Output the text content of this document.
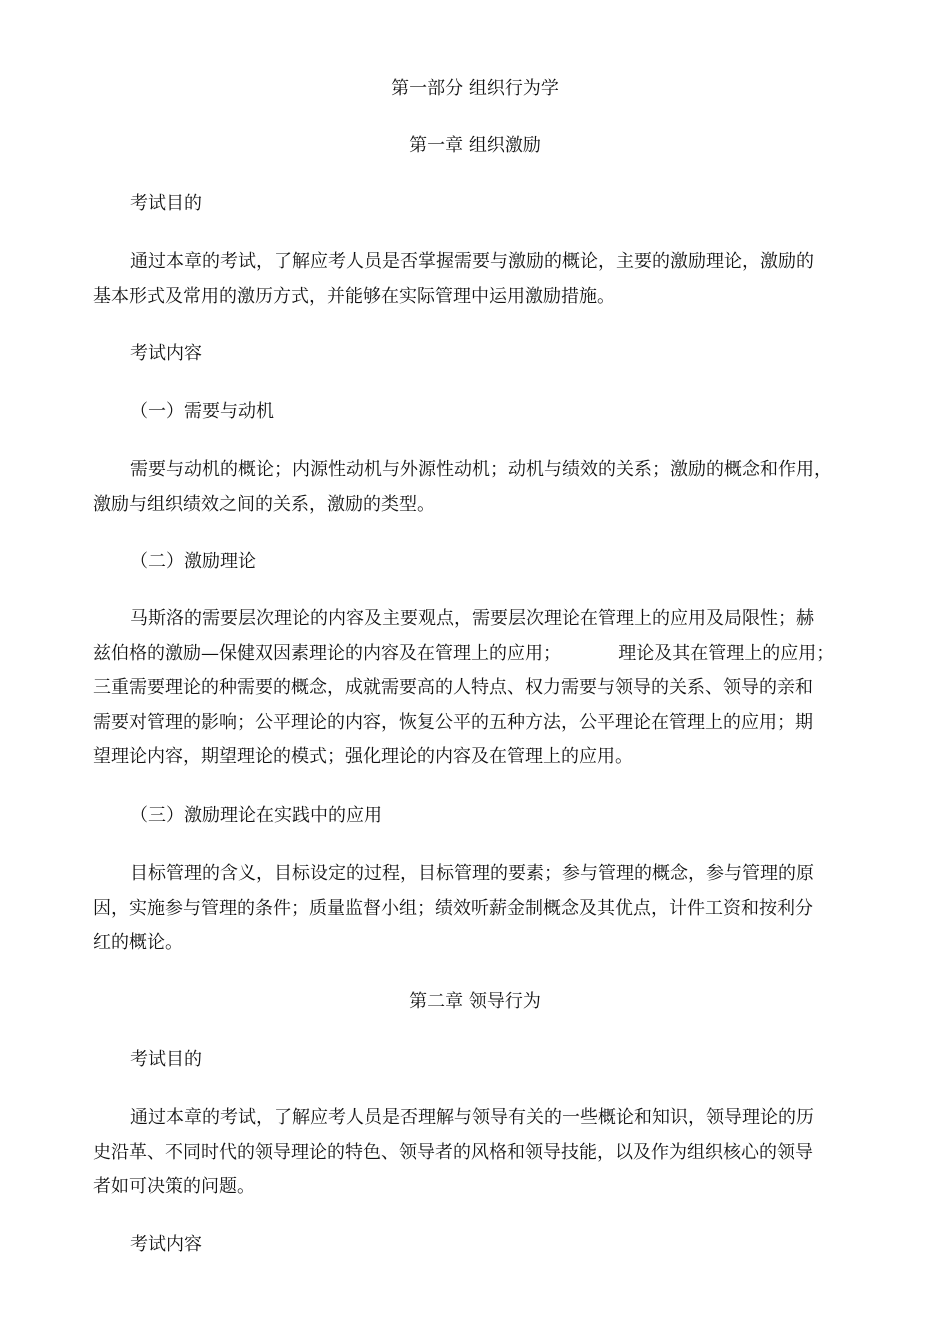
第一部分 组织行为学
第一章 组织激励
考试目的
通过本章的考试，了解应考人员是否掌握需要与激励的概论，主要的激励理论，激励的
基本形式及常用的激历方式，并能够在实际管理中运用激励措施。
考试内容
（一）需要与动机
需要与动机的概论；内源性动机与外源性动机；动机与绩效的关系；激励的概念和作用，
激励与组织绩效之间的关系，激励的类型。
（二）激励理论
马斯洛的需要层次理论的内容及主要观点，需要层次理论在管理上的应用及局限性；赫
兹伯格的激励—保健双因素理论的内容及在管理上的应用；          理论及其在管理上的应用；
三重需要理论的种需要的概念，成就需要高的人特点、权力需要与领导的关系、领导的亲和
需要对管理的影响；公平理论的内容，恢复公平的五种方法，公平理论在管理上的应用；期
望理论内容，期望理论的模式；强化理论的内容及在管理上的应用。
（三）激励理论在实践中的应用
目标管理的含义，目标设定的过程，目标管理的要素；参与管理的概念，参与管理的原
因，实施参与管理的条件；质量监督小组；绩效听薪金制概念及其优点，计件工资和按利分
红的概论。
第二章 领导行为
考试目的
通过本章的考试，了解应考人员是否理解与领导有关的一些概论和知识，领导理论的历
史沿革、不同时代的领导理论的特色、领导者的风格和领导技能，以及作为组织核心的领导
者如可决策的问题。
考试内容
